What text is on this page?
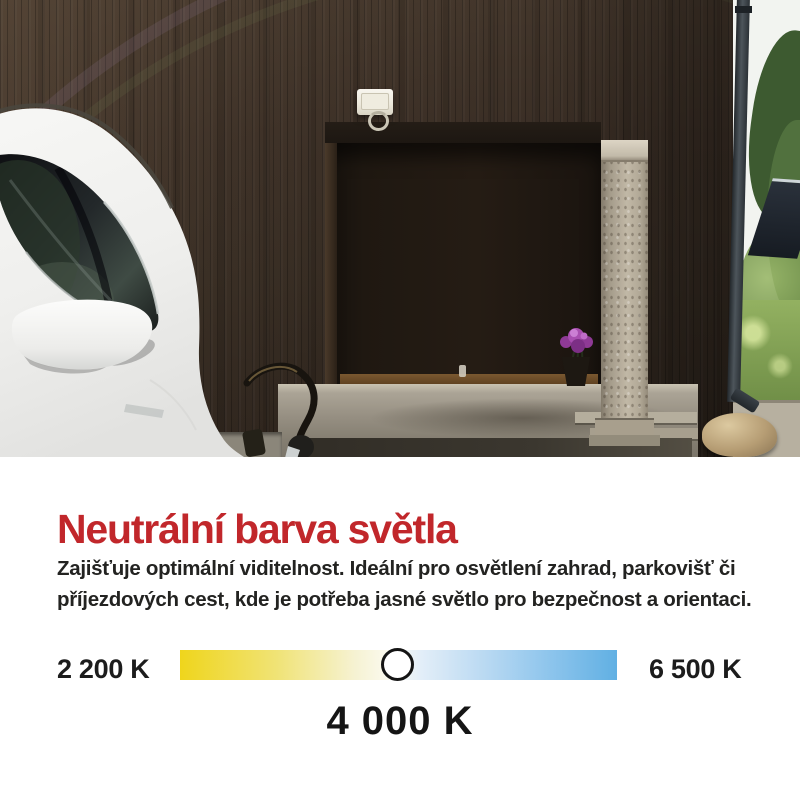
Neutrální barva světla
Zajišťuje optimální viditelnost. Ideální pro osvětlení zahrad, parkovišť či
příjezdových cest, kde je potřeba jasné světlo pro bezpečnost a orientaci.
2 200 K	6 500 K
4 000 K
